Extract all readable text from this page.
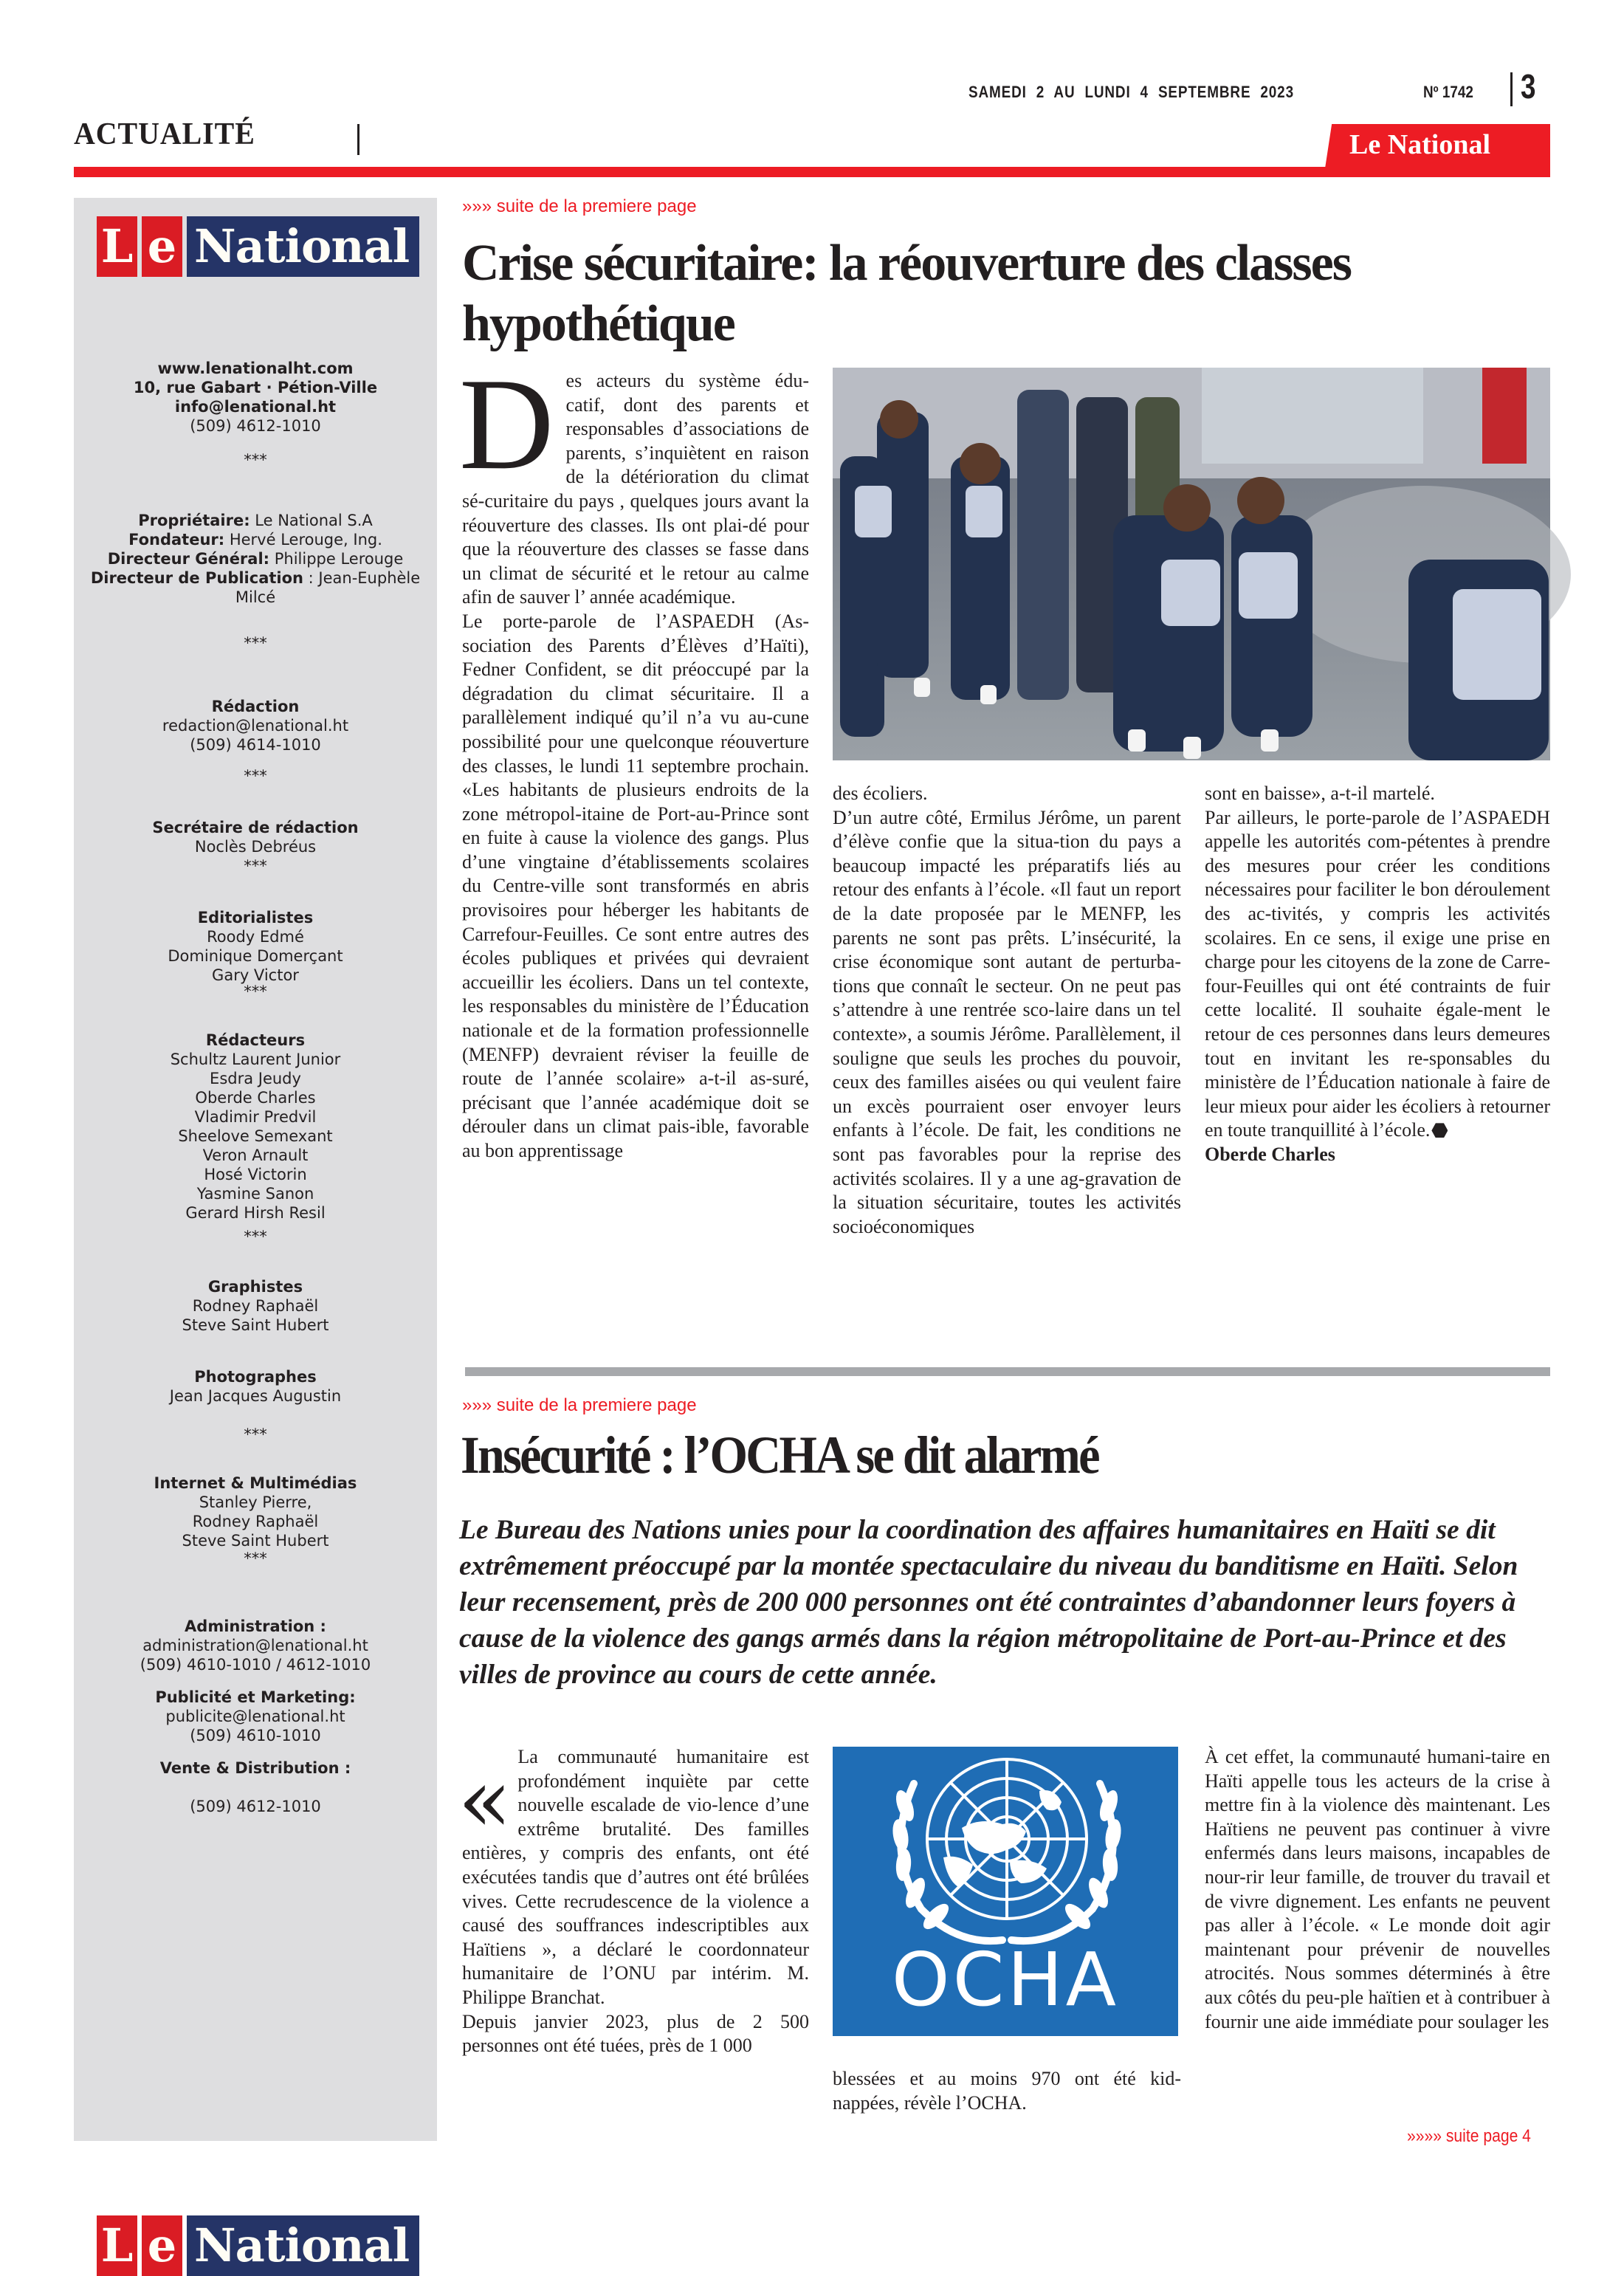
SAMEDI 2 AU LUNDI 4 SEPTEMBRE 2023	Nº 1742 3
ACTUALITÉ	Le National
L e National
www.lenationalht.com
10, rue Gabart · Pétion-Ville
info@lenational.ht
(509) 4612-1010
***
Propriétaire: Le National S.A
Fondateur: Hervé Lerouge, Ing.
Directeur Général: Philippe Lerouge
Directeur de Publication : Jean-Euphèle Milcé
***
Rédaction
redaction@lenational.ht
(509) 4614-1010
***
Secrétaire de rédaction
Noclès Debréus
***
Editorialistes
Roody Edmé
Dominique Domerçant
Gary Victor
***
Rédacteurs
Schultz Laurent Junior
Esdra Jeudy
Oberde Charles
Vladimir Predvil
Sheelove Semexant
Veron Arnault
Hosé Victorin
Yasmine Sanon
Gerard Hirsh Resil
***
Graphistes
Rodney Raphaël
Steve Saint Hubert
Photographes
Jean Jacques Augustin
***
Internet & Multimédias
Stanley Pierre,
Rodney Raphaël
Steve Saint Hubert
***
Administration :
administration@lenational.ht
(509) 4610-1010 / 4612-1010
Publicité et Marketing:
publicite@lenational.ht
(509) 4610-1010
Vente & Distribution :
(509) 4612-1010
L e National
»»» suite de la premiere page
Crise sécuritaire: la réouverture des classes hypothétique
D es acteurs du système édu-catif, dont des parents et responsables d’associations de parents, s’inquiètent en raison de la détérioration du climat sé-curitaire du pays , quelques jours avant la réouverture des classes. Ils ont plai-dé pour que la réouverture des classes se fasse dans un climat de sécurité et le retour au calme afin de sauver l’ année académique.

Le porte-parole de l’ASPAEDH (As-sociation des Parents d’Élèves d’Haïti), Fedner Confident, se dit préoccupé par la dégradation du climat sécuritaire. Il a parallèlement indiqué qu’il n’a vu au-cune possibilité pour une quelconque réouverture des classes, le lundi 11 septembre prochain. «Les habitants de plusieurs endroits de la zone métropol-itaine de Port-au-Prince sont en fuite à cause la violence des gangs. Plus d’une vingtaine d’établissements scolaires du Centre-ville sont transformés en abris provisoires pour héberger les habitants de Carrefour-Feuilles. Ce sont entre autres des écoles publiques et privées qui devraient accueillir les écoliers. Dans un tel contexte, les responsables du ministère de l’Éducation nationale et de la formation professionnelle (MENFP) devraient réviser la feuille de route de l’année scolaire» a-t-il as-suré, précisant que l’année académique doit se dérouler dans un climat pais-ible, favorable au bon apprentissage

des écoliers.

D’un autre côté, Ermilus Jérôme, un parent d’élève confie que la situa-tion du pays a beaucoup impacté les préparatifs liés au retour des enfants à l’école. «Il faut un report de la date proposée par le MENFP, les parents ne sont pas prêts. L’insécurité, la crise économique sont autant de perturba-tions que connaît le secteur. On ne peut pas s’attendre à une rentrée sco-laire dans un tel contexte», a soumis Jérôme. Parallèlement, il souligne que seuls les proches du pouvoir, ceux des familles aisées ou qui veulent faire un excès pourraient oser envoyer leurs enfants à l’école. De fait, les conditions ne sont pas favorables pour la reprise des activités scolaires. Il y a une ag-gravation de la situation sécuritaire, toutes les activités socioéconomiques

sont en baisse», a-t-il martelé.

Par ailleurs, le porte-parole de l’ASPAEDH appelle les autorités com-pétentes à prendre des mesures pour créer les conditions nécessaires pour faciliter le bon déroulement des ac-tivités, y compris les activités scolaires. En ce sens, il exige une prise en charge pour les citoyens de la zone de Carre-four-Feuilles qui ont été contraints de fuir cette localité. Il souhaite égale-ment le retour de ces personnes dans leurs demeures tout en invitant les re-sponsables du ministère de l’Éducation nationale à faire de leur mieux pour aider les écoliers à retourner en toute tranquillité à l’école.

Oberde Charles

»»» suite de la premiere page
Insécurité : l’OCHA se dit alarmé

Le Bureau des Nations unies pour la coordination des affaires humanitaires en Haïti se dit extrêmement préoccupé par la montée spectaculaire du niveau du banditisme en Haïti. Selon leur recensement, près de 200 000 personnes ont été contraintes d’abandonner leurs foyers à cause de la violence des gangs armés dans la région métropolitaine de Port-au-Prince et des villes de province au cours de cette année.

« La communauté humanitaire est profondément inquiète par cette nouvelle escalade de vio-lence d’une extrême brutalité. Des familles entières, y compris des enfants, ont été exécutées tandis que d’autres ont été brûlées vives. Cette recrudescence de la violence a causé des souffrances indescriptibles aux Haïtiens », a déclaré le coordonnateur humanitaire de l’ONU par intérim. M. Philippe Branchat.

Depuis janvier 2023, plus de 2 500 personnes ont été tuées, près de 1 000

OCHA

blessées et au moins 970 ont été kid-nappées, révèle l’OCHA.

À cet effet, la communauté humani-taire en Haïti appelle tous les acteurs de la crise à mettre fin à la violence dès maintenant. Les Haïtiens ne peuvent pas continuer à vivre enfermés dans leurs maisons, incapables de nour-rir leur famille, de trouver du travail et de vivre dignement. Les enfants ne peuvent pas aller à l’école. « Le monde doit agir maintenant pour prévenir de nouvelles atrocités. Nous sommes déterminés à être aux côtés du peu-ple haïtien et à contribuer à fournir une aide immédiate pour soulager les

»»»» suite page 4
